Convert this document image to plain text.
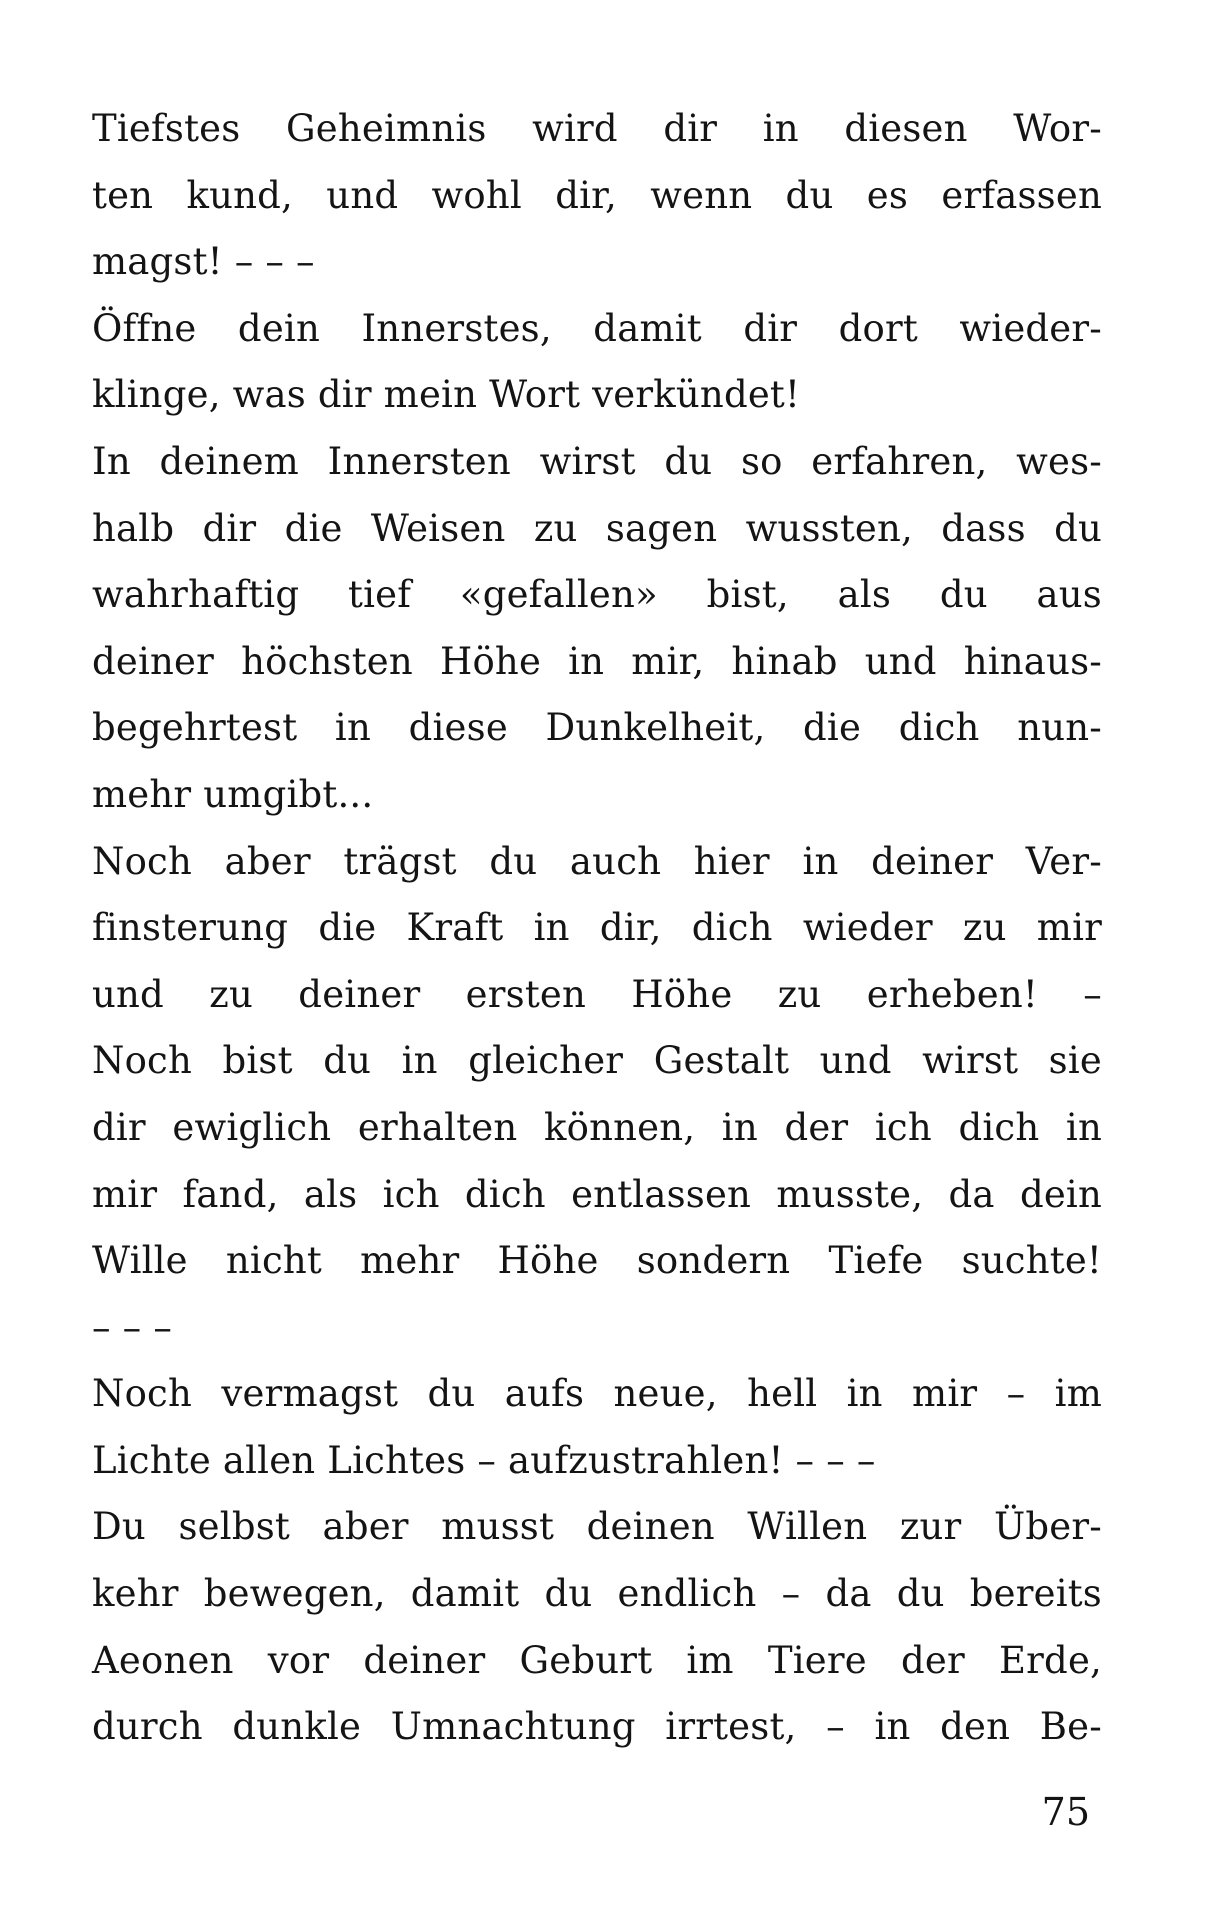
Tiefstes Geheimnis wird dir in diesen Wor-
ten kund, und wohl dir, wenn du es erfassen
magst! – – –
Öffne dein Innerstes, damit dir dort wieder-
klinge, was dir mein Wort verkündet!
In deinem Innersten wirst du so erfahren, wes-
halb dir die Weisen zu sagen wussten, dass du
wahrhaftig tief «gefallen» bist, als du aus
deiner höchsten Höhe in mir, hinab und hinaus-
begehrtest in diese Dunkelheit, die dich nun-
mehr umgibt...
Noch aber trägst du auch hier in deiner Ver-
finsterung die Kraft in dir, dich wieder zu mir
und zu deiner ersten Höhe zu erheben! –
Noch bist du in gleicher Gestalt und wirst sie
dir ewiglich erhalten können, in der ich dich in
mir fand, als ich dich entlassen musste, da dein
Wille nicht mehr Höhe sondern Tiefe suchte!
– – –
Noch vermagst du aufs neue, hell in mir – im
Lichte allen Lichtes – aufzustrahlen! – – –
Du selbst aber musst deinen Willen zur Über-
kehr bewegen, damit du endlich – da du bereits
Aeonen vor deiner Geburt im Tiere der Erde,
durch dunkle Umnachtung irrtest, – in den Be-
75
